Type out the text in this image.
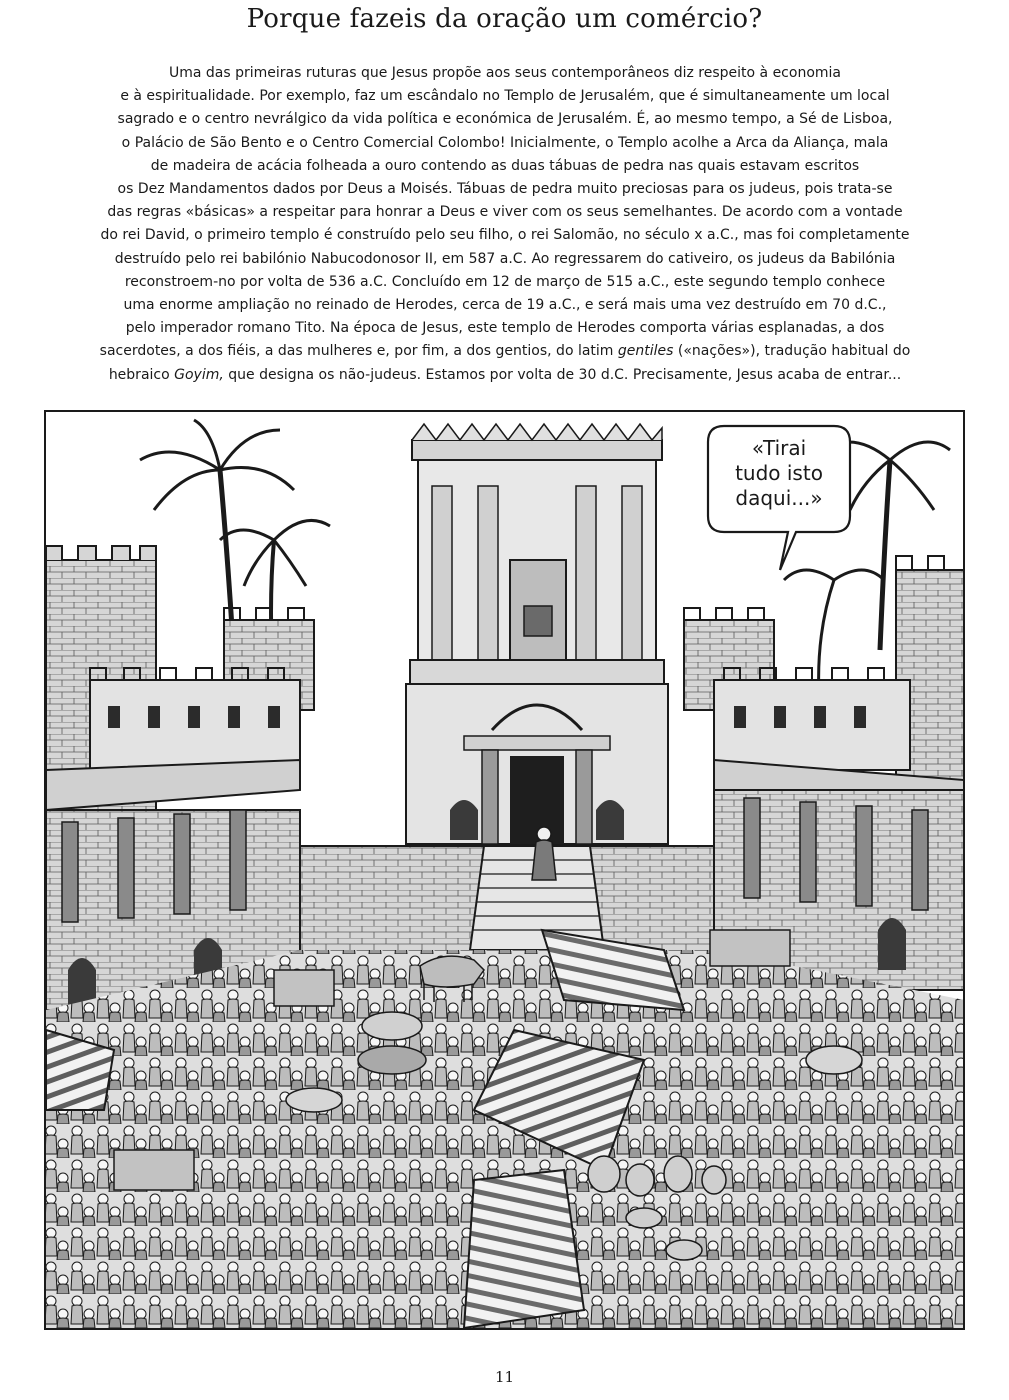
Porque fazeis da oração um comércio?

Uma das primeiras ruturas que Jesus propõe aos seus contemporâneos diz respeito à economia
e à espiritualidade. Por exemplo, faz um escândalo no Templo de Jerusalém, que é simultaneamente um local
sagrado e o centro nevrálgico da vida política e económica de Jerusalém. É, ao mesmo tempo, a Sé de Lisboa,
o Palácio de São Bento e o Centro Comercial Colombo! Inicialmente, o Templo acolhe a Arca da Aliança, mala
de madeira de acácia folheada a ouro contendo as duas tábuas de pedra nas quais estavam escritos
os Dez Mandamentos dados por Deus a Moisés. Tábuas de pedra muito preciosas para os judeus, pois trata-se
das regras «básicas» a respeitar para honrar a Deus e viver com os seus semelhantes. De acordo com a vontade
do rei David, o primeiro templo é construído pelo seu filho, o rei Salomão, no século x a.C., mas foi completamente
destruído pelo rei babilónio Nabucodonosor II, em 587 a.C. Ao regressarem do cativeiro, os judeus da Babilónia
reconstroem-no por volta de 536 a.C. Concluído em 12 de março de 515 a.C., este segundo templo conhece
uma enorme ampliação no reinado de Herodes, cerca de 19 a.C., e será mais uma vez destruído em 70 d.C.,
pelo imperador romano Tito. Na época de Jesus, este templo de Herodes comporta várias esplanadas, a dos
sacerdotes, a dos fiéis, a das mulheres e, por fim, a dos gentios, do latim gentiles («nações»), tradução habitual do
hebraico Goyim, que designa os não-judeus. Estamos por volta de 30 d.C. Precisamente, Jesus acaba de entrar...

«Tirai
tudo isto
daqui...»
11
